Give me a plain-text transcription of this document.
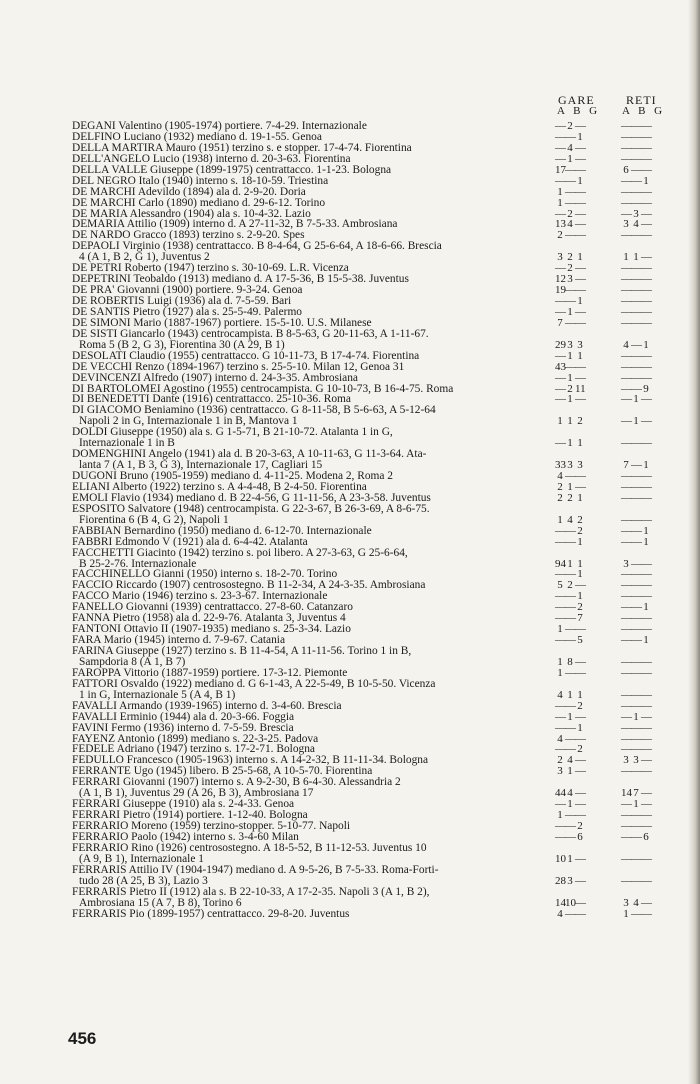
GARE	RETI
A B G A B G
DEGANI Valentino (1905-1974) portiere. 7-4-29. Internazionale	—2 —	———
DELFINO Luciano (1932) mediano d. 19-1-55. Genoa	——1	———
DELLA MARTIRA Mauro (1951) terzino s. e stopper. 17-4-74. Fiorentina	—4 —	———
DELL'ANGELO Lucio (1938) interno d. 20-3-63. Fiorentina	—1 —	———
DELLA VALLE Giuseppe (1899-1975) centrattacco. 1-1-23. Bologna	17——	6 ——
DEL NEGRO Italo (1940) interno s. 18-10-59. Triestina	——1	——1
DE MARCHI Adevildo (1894) ala d. 2-9-20. Doria	1 ——	———
DE MARCHI Carlo (1890) mediano d. 29-6-12. Torino	1 ——	———
DE MARIA Alessandro (1904) ala s. 10-4-32. Lazio	—2 —	—3 —
DEMARIA Attilio (1909) interno d. A 27-11-32, B 7-5-33. Ambrosiana	134 —	3 4 —
DE NARDO Gracco (1893) terzino s. 2-9-20. Spes	2 ——	———
DEPAOLI Virginio (1938) centrattacco. B 8-4-64, G 25-6-64, A 18-6-66. Brescia
4 (A 1, B 2, G 1), Juventus 2	3 2 1	1 1 —
DE PETRI Roberto (1947) terzino s. 30-10-69. L.R. Vicenza	—2 —	———
DEPETRINI Teobaldo (1913) mediano d. A 17-5-36, B 15-5-38. Juventus	123 —	———
DE PRA' Giovanni (1900) portiere. 9-3-24. Genoa	19——	———
DE ROBERTIS Luigi (1936) ala d. 7-5-59. Bari	——1	———
DE SANTIS Pietro (1927) ala s. 25-5-49. Palermo	—1 —	———
DE SIMONI Mario (1887-1967) portiere. 15-5-10. U.S. Milanese	7 ——	———
DE SISTI Giancarlo (1943) centrocampista. B 8-5-63, G 20-11-63, A 1-11-67.
Roma 5 (B 2, G 3), Fiorentina 30 (A 29, B 1)	293 3	4 —1
DESOLATI Claudio (1955) centrattacco. G 10-11-73, B 17-4-74. Fiorentina	—1 1	———
DE VECCHI Renzo (1894-1967) terzino s. 25-5-10. Milan 12, Genoa 31	43——	———
DEVINCENZI Alfredo (1907) interno d. 24-3-35. Ambrosiana	—1 —	———
DI BARTOLOMEI Agostino (1955) centrocampista. G 10-10-73, B 16-4-75. Roma	—2 11	——9
DI BENEDETTI Dante (1916) centrattacco. 25-10-36. Roma	—1 —	—1 —
DI GIACOMO Beniamino (1936) centrattacco. G 8-11-58, B 5-6-63, A 5-12-64
Napoli 2 in G, Internazionale 1 in B, Mantova 1	1 1 2	—1 —
DOLDI Giuseppe (1950) ala s. G 1-5-71, B 21-10-72. Atalanta 1 in G,
Internazionale 1 in B	—1 1	———
DOMENGHINI Angelo (1941) ala d. B 20-3-63, A 10-11-63, G 11-3-64. Ata-
lanta 7 (A 1, B 3, G 3), Internazionale 17, Cagliari 15	333 3	7 —1
DUGONI Bruno (1905-1959) mediano d. 4-11-25. Modena 2, Roma 2	4 ——	———
ELIANI Alberto (1922) terzino s. A 4-4-48, B 2-4-50. Fiorentina	2 1 —	———
EMOLI Flavio (1934) mediano d. B 22-4-56, G 11-11-56, A 23-3-58. Juventus	2 2 1	———
ESPOSITO Salvatore (1948) centrocampista. G 22-3-67, B 26-3-69, A 8-6-75.
Fiorentina 6 (B 4, G 2), Napoli 1	1 4 2	———
FABBIAN Bernardino (1950) mediano d. 6-12-70. Internazionale	——2	——1
FABBRI Edmondo V (1921) ala d. 6-4-42. Atalanta	——1	——1
FACCHETTI Giacinto (1942) terzino s. poi libero. A 27-3-63, G 25-6-64,
B 25-2-76. Internazionale	941 1	3 ——
FACCHINELLO Gianni (1950) interno s. 18-2-70. Torino	——1	———
FACCIO Riccardo (1907) centrosostegno. B 11-2-34, A 24-3-35. Ambrosiana	5 2 —	———
FACCO Mario (1946) terzino s. 23-3-67. Internazionale	——1	———
FANELLO Giovanni (1939) centrattacco. 27-8-60. Catanzaro	——2	——1
FANNA Pietro (1958) ala d. 22-9-76. Atalanta 3, Juventus 4	——7	———
FANTONI Ottavio II (1907-1935) mediano s. 25-3-34. Lazio	1 ——	———
FARA Mario (1945) interno d. 7-9-67. Catania	——5	——1
FARINA Giuseppe (1927) terzino s. B 11-4-54, A 11-11-56. Torino 1 in B,
Sampdoria 8 (A 1, B 7)	1 8 —	———
FAROPPA Vittorio (1887-1959) portiere. 17-3-12. Piemonte	1 ——	———
FATTORI Osvaldo (1922) mediano d. G 6-1-43, A 22-5-49, B 10-5-50. Vicenza
1 in G, Internazionale 5 (A 4, B 1)	4 1 1	———
FAVALLI Armando (1939-1965) interno d. 3-4-60. Brescia	——2	———
FAVALLI Erminio (1944) ala d. 20-3-66. Foggia	—1 —	—1 —
FAVINI Fermo (1936) interno d. 7-5-59. Brescia	——1	———
FAYENZ Antonio (1899) mediano s. 22-3-25. Padova	4 ——	———
FEDELE Adriano (1947) terzino s. 17-2-71. Bologna	——2	———
FEDULLO Francesco (1905-1963) interno s. A 14-2-32, B 11-11-34. Bologna	2 4 —	3 3 —
FERRANTE Ugo (1945) libero. B 25-5-68, A 10-5-70. Fiorentina	3 1 —	———
FERRARI Giovanni (1907) interno s. A 9-2-30, B 6-4-30. Alessandria 2
(A 1, B 1), Juventus 29 (A 26, B 3), Ambrosiana 17	444 —	147 —
FERRARI Giuseppe (1910) ala s. 2-4-33. Genoa	—1 —	—1 —
FERRARI Pietro (1914) portiere. 1-12-40. Bologna	1 ——	———
FERRARIO Moreno (1959) terzino-stopper. 5-10-77. Napoli	——2	———
FERRARIO Paolo (1942) interno s. 3-4-60 Milan	——6	——6
FERRARIO Rino (1926) centrosostegno. A 18-5-52, B 11-12-53. Juventus 10
(A 9, B 1), Internazionale 1	101 —	———
FERRARIS Attilio IV (1904-1947) mediano d. A 9-5-26, B 7-5-33. Roma-Forti-
tudo 28 (A 25, B 3), Lazio 3	283 —	———
FERRARIS Pietro II (1912) ala s. B 22-10-33, A 17-2-35. Napoli 3 (A 1, B 2),
Ambrosiana 15 (A 7, B 8), Torino 6	1410—	3 4 —
FERRARIS Pio (1899-1957) centrattacco. 29-8-20. Juventus	4 ——	1 ——
456
